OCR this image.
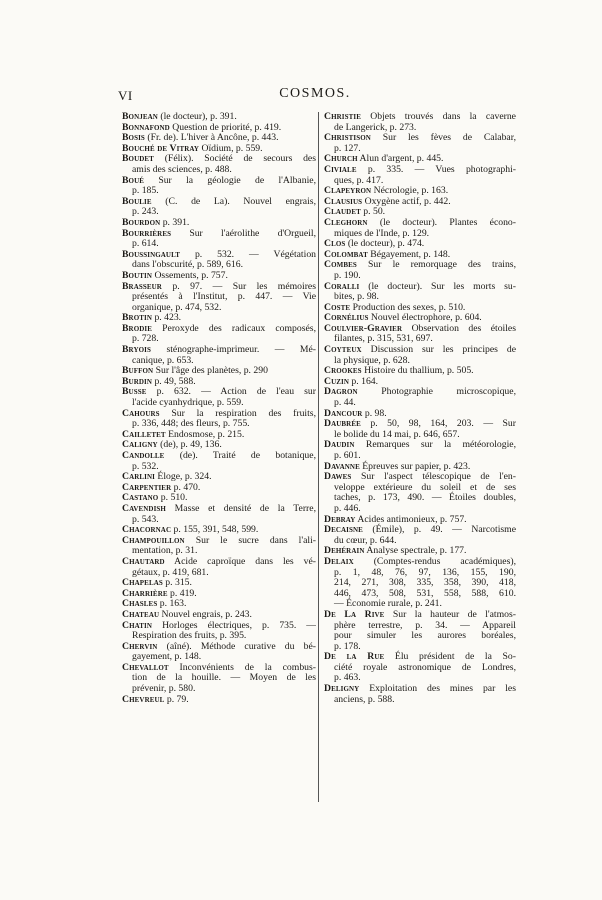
VI	COSMOS.
Bonjean (le docteur), p. 391.
Bonnafond Question de priorité, p. 419.
Bosis (Fr. de). L'hiver à Ancône, p. 443.
Bouché de Vitray Oïdium, p. 559.
Boudet (Félix). Société de secours des
amis des sciences, p. 488.
Boué Sur la géologie de l'Albanie,
p. 185.
Boulie (C. de La). Nouvel engrais,
p. 243.
Bourdon p. 391.
Bourrières Sur l'aérolithe d'Orgueil,
p. 614.
Boussingault p. 532. — Végétation
dans l'obscurité, p. 589, 616.
Boutin Ossements, p. 757.
Brasseur p. 97. — Sur les mémoires
présentés à l'Institut, p. 447. — Vie
organique, p. 474, 532.
Brotin p. 423.
Brodie Peroxyde des radicaux composés,
p. 728.
Bryois sténographe-imprimeur. — Mé-
canique, p. 653.
Buffon Sur l'âge des planètes, p. 290
Burdin p. 49, 588.
Busse p. 632. — Action de l'eau sur
l'acide cyanhydrique, p. 559.
Cahours Sur la respiration des fruits,
p. 336, 448; des fleurs, p. 755.
Cailletet Endosmose, p. 215.
Caligny (de), p. 49, 136.
Candolle (de). Traité de botanique,
p. 532.
Carlini Éloge, p. 324.
Carpentier p. 470.
Castano p. 510.
Cavendish Masse et densité de la Terre,
p. 543.
Chacornac p. 155, 391, 548, 599.
Champouillon Sur le sucre dans l'ali-
mentation, p. 31.
Chautard Acide caproïque dans les vé-
gétaux, p. 419, 681.
Chapelas p. 315.
Charrière p. 419.
Chasles p. 163.
Chateau Nouvel engrais, p. 243.
Chatin Horloges électriques, p. 735. —
Respiration des fruits, p. 395.
Chervin (aîné). Méthode curative du bé-
gayement, p. 148.
Chevallot Inconvénients de la combus-
tion de la houille. — Moyen de les
prévenir, p. 580.
Chevreul p. 79.
Christie Objets trouvés dans la caverne
de Langerick, p. 273.
Christison Sur les fèves de Calabar,
p. 127.
Church Alun d'argent, p. 445.
Civiale p. 335. — Vues photographi-
ques, p. 417.
Clapeyron Nécrologie, p. 163.
Clausius Oxygène actif, p. 442.
Claudet p. 50.
Cleghorn (le docteur). Plantes écono-
miques de l'Inde, p. 129.
Clos (le docteur), p. 474.
Colombat Bégayement, p. 148.
Combes Sur le remorquage des trains,
p. 190.
Coralli (le docteur). Sur les morts su-
bites, p. 98.
Coste Production des sexes, p. 510.
Cornélius Nouvel électrophore, p. 604.
Coulvier-Gravier Observation des étoiles
filantes, p. 315, 531, 697.
Coyteux Discussion sur les principes de
la physique, p. 628.
Crookes Histoire du thallium, p. 505.
Cuzin p. 164.
Dagron Photographie microscopique,
p. 44.
Dancour p. 98.
Daubrée p. 50, 98, 164, 203. — Sur
le bolide du 14 mai, p. 646, 657.
Daudin Remarques sur la météorologie,
p. 601.
Davanne Épreuves sur papier, p. 423.
Dawes Sur l'aspect télescopique de l'en-
veloppe extérieure du soleil et de ses
taches, p. 173, 490. — Étoiles doubles,
p. 446.
Debray Acides antimonieux, p. 757.
Decaisne (Émile), p. 49. — Narcotisme
du cœur, p. 644.
Dehérain Analyse spectrale, p. 177.
Delaix (Comptes-rendus académiques),
p. 1, 48, 76, 97, 136, 155, 190,
214, 271, 308, 335, 358, 390, 418,
446, 473, 508, 531, 558, 588, 610.
— Économie rurale, p. 241.
De La Rive Sur la hauteur de l'atmos-
phère terrestre, p. 34. — Appareil
pour simuler les aurores boréales,
p. 178.
De la Rue Élu président de la So-
ciété royale astronomique de Londres,
p. 463.
Deligny Exploitation des mines par les
anciens, p. 588.
